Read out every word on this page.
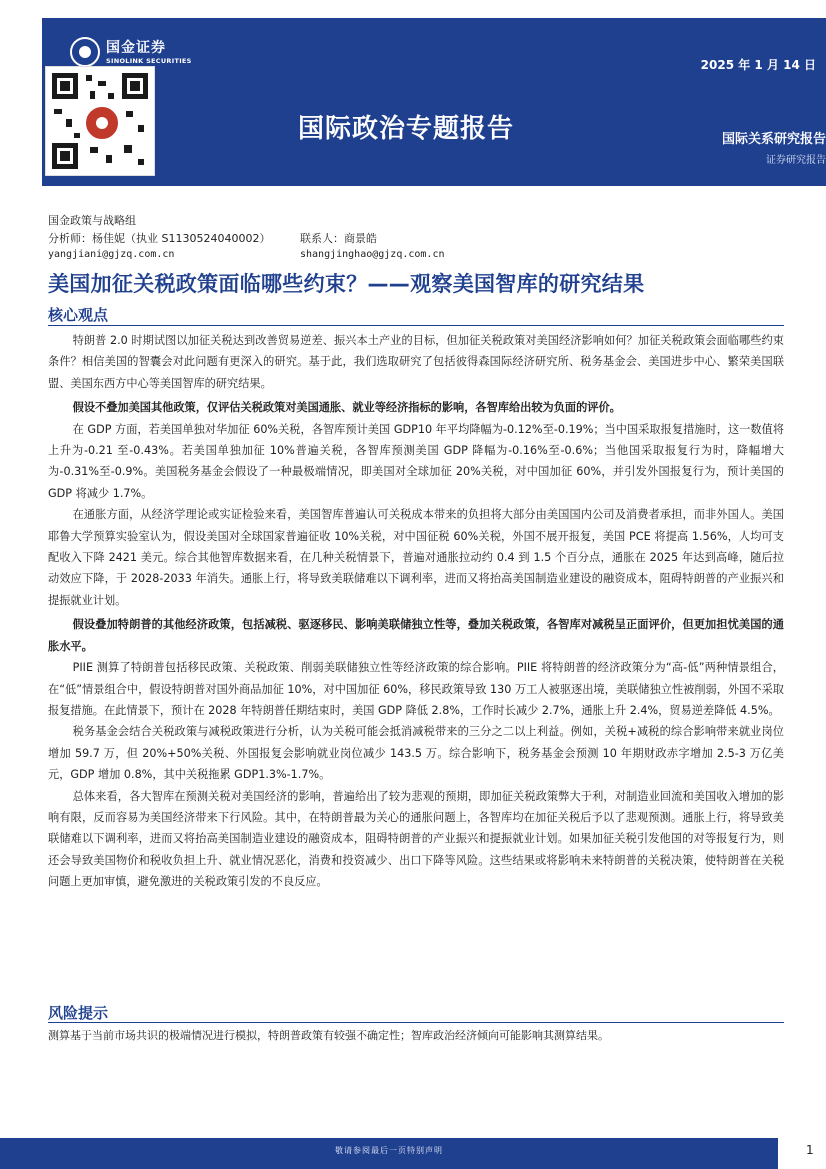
国金证券
SINOLINK SECURITIES	2025 年 1 月 14 日
国际政治专题报告	国际关系研究报告
证券研究报告
国金政策与战略组
分析师：杨佳妮（执业 S1130524040002）	联系人：商景皓
yangjiani@gjzq.com.cn	shangjinghao@gjzq.com.cn
美国加征关税政策面临哪些约束？——观察美国智库的研究结果
核心观点

特朗普 2.0 时期试图以加征关税达到改善贸易逆差、振兴本土产业的目标，但加征关税政策对美国经济影响如何？加征关税政策会面临哪些约束条件？相信美国的智囊会对此问题有更深入的研究。基于此，我们选取研究了包括彼得森国际经济研究所、税务基金会、美国进步中心、繁荣美国联盟、美国东西方中心等美国智库的研究结果。

假设不叠加美国其他政策，仅评估关税政策对美国通胀、就业等经济指标的影响，各智库给出较为负面的评价。

在 GDP 方面，若美国单独对华加征 60%关税，各智库预计美国 GDP10 年平均降幅为-0.12%至-0.19%；当中国采取报复措施时，这一数值将上升为-0.21 至-0.43%。若美国单独加征 10%普遍关税，各智库预测美国 GDP 降幅为-0.16%至-0.6%；当他国采取报复行为时，降幅增大为-0.31%至-0.9%。美国税务基金会假设了一种最极端情况，即美国对全球加征 20%关税，对中国加征 60%，并引发外国报复行为，预计美国的 GDP 将减少 1.7%。

在通胀方面，从经济学理论或实证检验来看，美国智库普遍认可关税成本带来的负担将大部分由美国国内公司及消费者承担，而非外国人。美国耶鲁大学预算实验室认为，假设美国对全球国家普遍征收 10%关税，对中国征税 60%关税，外国不展开报复，美国 PCE 将提高 1.56%，人均可支配收入下降 2421 美元。综合其他智库数据来看，在几种关税情景下，普遍对通胀拉动约 0.4 到 1.5 个百分点，通胀在 2025 年达到高峰，随后拉动效应下降，于 2028-2033 年消失。通胀上行，将导致美联储难以下调利率，进而又将抬高美国制造业建设的融资成本，阻碍特朗普的产业振兴和提振就业计划。

假设叠加特朗普的其他经济政策，包括减税、驱逐移民、影响美联储独立性等，叠加关税政策，各智库对减税呈正面评价，但更加担忧美国的通胀水平。

PIIE 测算了特朗普包括移民政策、关税政策、削弱美联储独立性等经济政策的综合影响。PIIE 将特朗普的经济政策分为“高-低”两种情景组合，在“低”情景组合中，假设特朗普对国外商品加征 10%，对中国加征 60%，移民政策导致 130 万工人被驱逐出境，美联储独立性被削弱，外国不采取报复措施。在此情景下，预计在 2028 年特朗普任期结束时，美国 GDP 降低 2.8%，工作时长减少 2.7%，通胀上升 2.4%，贸易逆差降低 4.5%。

税务基金会结合关税政策与减税政策进行分析，认为关税可能会抵消减税带来的三分之二以上利益。例如，关税+减税的综合影响带来就业岗位增加 59.7 万，但 20%+50%关税、外国报复会影响就业岗位减少 143.5 万。综合影响下，税务基金会预测 10 年期财政赤字增加 2.5-3 万亿美元，GDP 增加 0.8%，其中关税拖累 GDP1.3%-1.7%。

总体来看，各大智库在预测关税对美国经济的影响，普遍给出了较为悲观的预期，即加征关税政策弊大于利，对制造业回流和美国收入增加的影响有限，反而容易为美国经济带来下行风险。其中，在特朗普最为关心的通胀问题上，各智库均在加征关税后予以了悲观预测。通胀上行，将导致美联储难以下调利率，进而又将抬高美国制造业建设的融资成本，阻碍特朗普的产业振兴和提振就业计划。如果加征关税引发他国的对等报复行为，则还会导致美国物价和税收负担上升、就业情况恶化，消费和投资减少、出口下降等风险。这些结果或将影响未来特朗普的关税决策，使特朗普在关税问题上更加审慎，避免激进的关税政策引发的不良反应。

风险提示
测算基于当前市场共识的极端情况进行模拟，特朗普政策有较强不确定性；智库政治经济倾向可能影响其测算结果。
敬请参阅最后一页特别声明	1
